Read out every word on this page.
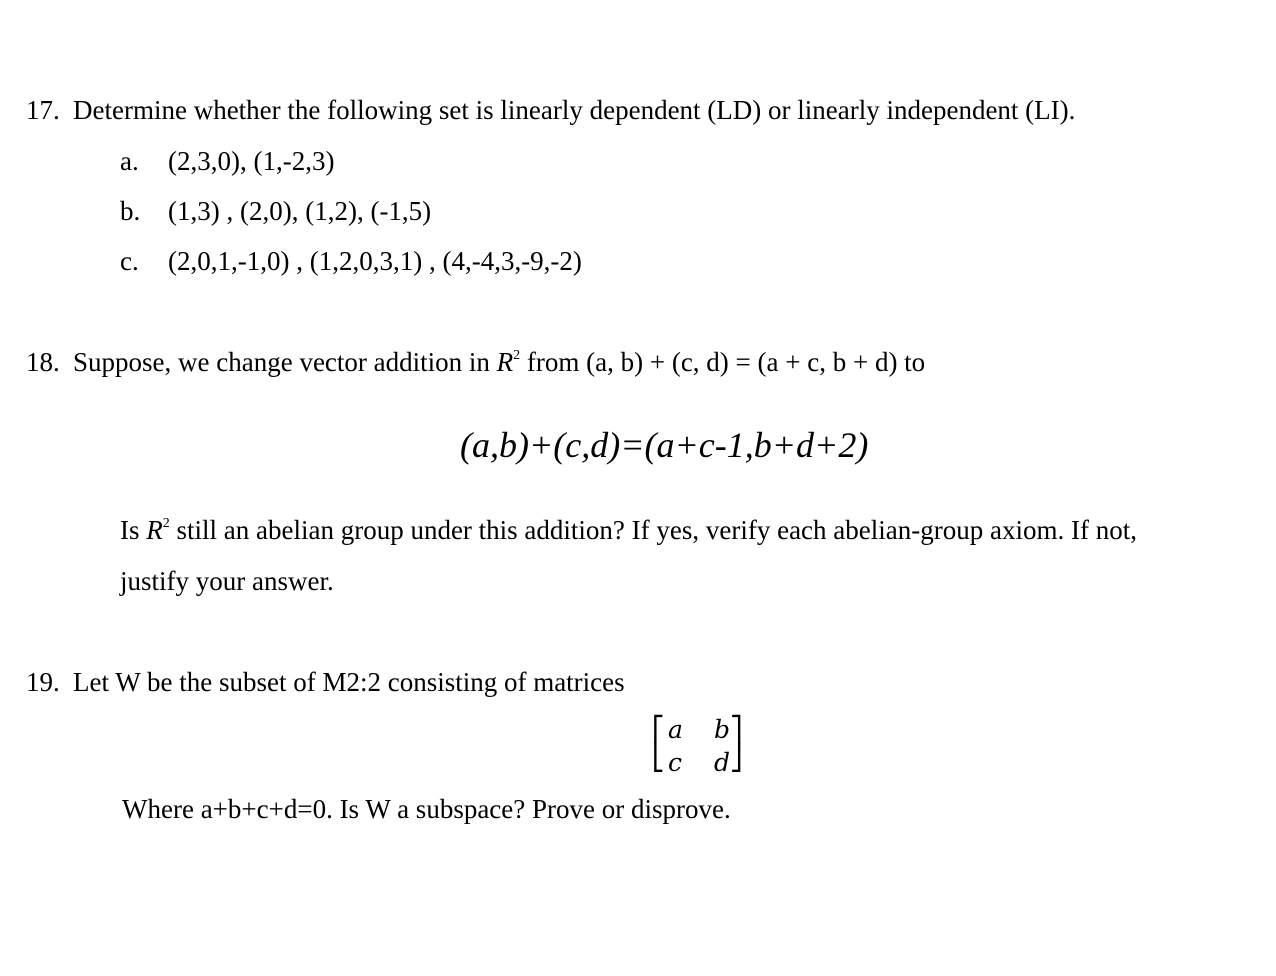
17. Determine whether the following set is linearly dependent (LD) or linearly independent (LI).
a. (2,3,0), (1,-2,3)
b. (1,3) , (2,0), (1,2), (-1,5)
c. (2,0,1,-1,0) , (1,2,0,3,1) , (4,-4,3,-9,-2)
18. Suppose, we change vector addition in $R^2$ from (a, b) + (c, d) = (a + c, b + d) to
(a,b)+(c,d)=(a+c-1,b+d+2)
Is $R^2$ still an abelian group under this addition? If yes, verify each abelian-group axiom. If not,
justify your answer.
19. Let W be the subset of M2:2 consisting of matrices
⎡
⎣
a b
c d
⎤
⎦
Where a+b+c+d=0. Is W a subspace? Prove or disprove.
